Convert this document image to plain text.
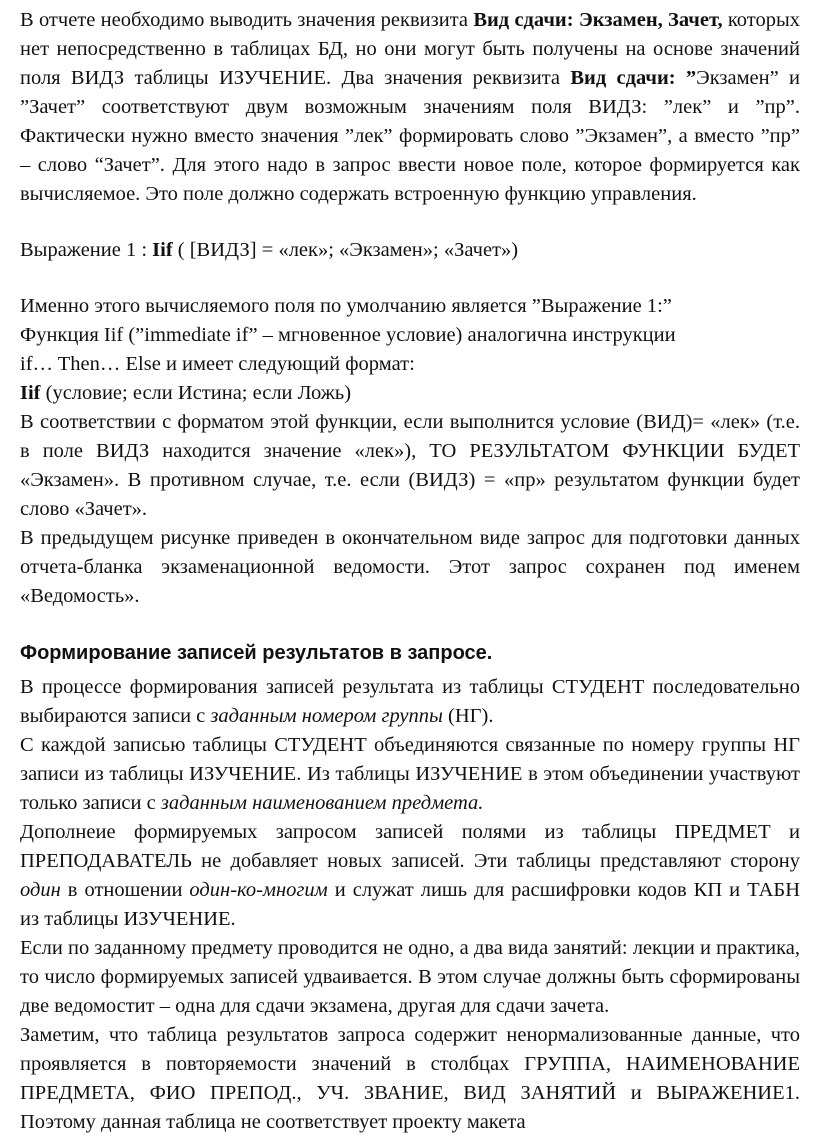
В отчете необходимо выводить значения реквизита Вид сдачи: Экзамен, Зачет, которых нет непосредственно в таблицах БД, но они могут быть получены на основе значений поля ВИДЗ таблицы ИЗУЧЕНИЕ. Два значения реквизита Вид сдачи: ”Экзамен” и ”Зачет” соответствуют двум возможным значениям поля ВИДЗ: ”лек” и ”пр”. Фактически нужно вместо значения ”лек” формировать слово ”Экзамен”, а вместо ”пр” – слово “Зачет”. Для этого надо в запрос ввести новое поле, которое формируется как вычисляемое. Это поле должно содержать встроенную функцию управления.

Выражение 1 : Iif ( [ВИДЗ] = «лек»; «Экзамен»; «Зачет»)

Именно этого вычисляемого поля по умолчанию является ”Выражение 1:”

Функция Iif (”immediate if” – мгновенное условие) аналогична инструкции

if… Then… Else и имеет следующий формат:

Iif (условие; если Истина; если Ложь)

В соответствии с форматом этой функции, если выполнится условие (ВИД)= «лек» (т.е. в поле ВИДЗ находится значение «лек»), ТО РЕЗУЛЬТАТОМ ФУНКЦИИ БУДЕТ «Экзамен». В противном случае, т.е. если (ВИДЗ) = «пр» результатом функции будет слово «Зачет».

В предыдущем рисунке приведен в окончательном виде запрос для подготовки данных отчета-бланка экзаменационной ведомости. Этот запрос сохранен под именем «Ведомость».

Формирование записей результатов в запросе.

В процессе формирования записей результата из таблицы СТУДЕНТ последовательно выбираются записи с заданным номером группы (НГ).

С каждой записью таблицы СТУДЕНТ объединяются связанные по номеру группы НГ записи из таблицы ИЗУЧЕНИЕ. Из таблицы ИЗУЧЕНИЕ в этом объединении участвуют только записи с заданным наименованием предмета.

Дополнеие формируемых запросом записей полями из таблицы ПРЕДМЕТ и ПРЕПОДАВАТЕЛЬ не добавляет новых записей. Эти таблицы представляют сторону один в отношении один-ко-многим и служат лишь для расшифровки кодов КП и ТАБН из таблицы ИЗУЧЕНИЕ.

Если по заданному предмету проводится не одно, а два вида занятий: лекции и практика, то число формируемых записей удваивается. В этом случае должны быть сформированы две ведомостит – одна для сдачи экзамена, другая для сдачи зачета.

Заметим, что таблица результатов запроса содержит ненормализованные данные, что проявляется в повторяемости значений в столбцах ГРУППА, НАИМЕНОВАНИЕ ПРЕДМЕТА, ФИО ПРЕПОД., УЧ. ЗВАНИЕ, ВИД ЗАНЯТИЙ и ВЫРАЖЕНИЕ1. Поэтому данная таблица не соответствует проекту макета
